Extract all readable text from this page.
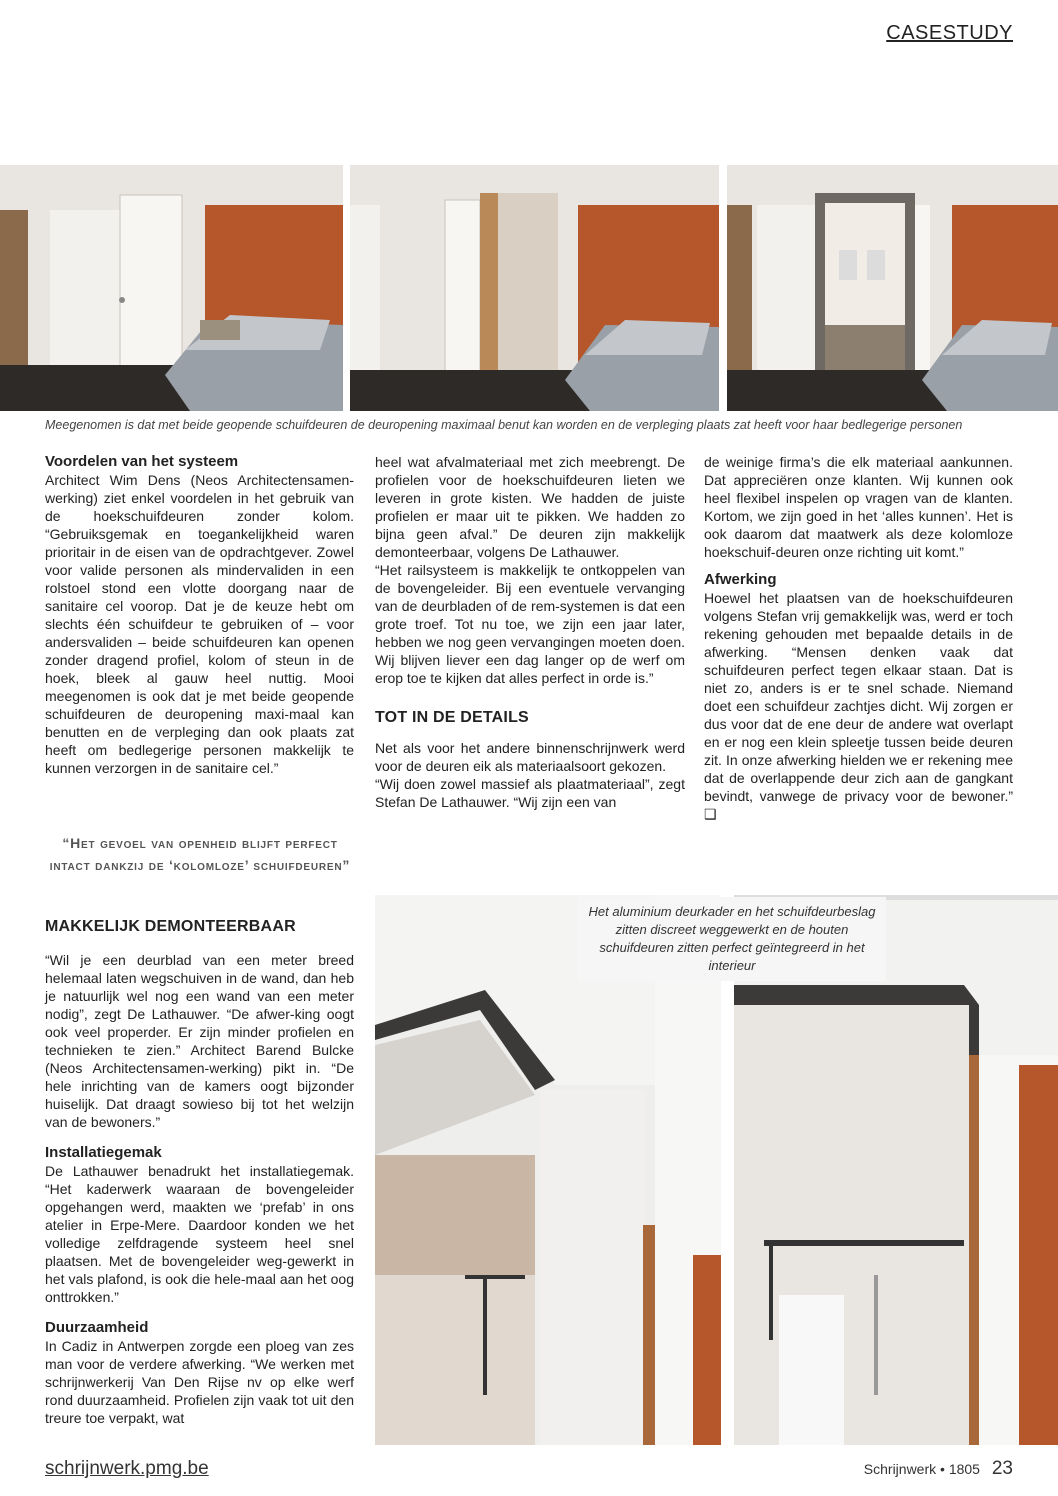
CASESTUDY
Meegenomen is dat met beide geopende schuifdeuren de deuropening maximaal benut kan worden en de verpleging plaats zat heeft voor haar bedlegerige personen

Voordelen van het systeem

Architect Wim Dens (Neos Architectensamen-werking) ziet enkel voordelen in het gebruik van de hoekschuifdeuren zonder kolom. “Gebruiksgemak en toegankelijkheid waren prioritair in de eisen van de opdrachtgever. Zowel voor valide personen als mindervaliden in een rolstoel stond een vlotte doorgang naar de sanitaire cel voorop. Dat je de keuze hebt om slechts één schuifdeur te gebruiken of – voor andersvaliden – beide schuifdeuren kan openen zonder dragend profiel, kolom of steun in de hoek, bleek al gauw heel nuttig. Mooi meegenomen is ook dat je met beide geopende schuifdeuren de deuropening maxi-maal kan benutten en de verpleging dan ook plaats zat heeft om bedlegerige personen makkelijk te kunnen verzorgen in de sanitaire cel.”

“Het gevoel van openheid blijft perfect intact dankzij de ‘kolomloze’ schuifdeuren”

MAKKELIJK DEMONTEERBAAR

“Wil je een deurblad van een meter breed helemaal laten wegschuiven in de wand, dan heb je natuurlijk wel nog een wand van een meter nodig”, zegt De Lathauwer. “De afwer-king oogt ook veel properder. Er zijn minder profielen en technieken te zien.” Architect Barend Bulcke (Neos Architectensamen-werking) pikt in. “De hele inrichting van de kamers oogt bijzonder huiselijk. Dat draagt sowieso bij tot het welzijn van de bewoners.”

Installatiegemak

De Lathauwer benadrukt het installatiegemak. “Het kaderwerk waaraan de bovengeleider opgehangen werd, maakten we ‘prefab’ in ons atelier in Erpe-Mere. Daardoor konden we het volledige zelfdragende systeem heel snel plaatsen. Met de bovengeleider weg-gewerkt in het vals plafond, is ook die hele-maal aan het oog onttrokken.”

Duurzaamheid

In Cadiz in Antwerpen zorgde een ploeg van zes man voor de verdere afwerking. “We werken met schrijnwerkerij Van Den Rijse nv op elke werf rond duurzaamheid. Profielen zijn vaak tot uit den treure toe verpakt, wat

heel wat afvalmateriaal met zich meebrengt. De profielen voor de hoekschuifdeuren lieten we leveren in grote kisten. We hadden de juiste profielen er maar uit te pikken. We hadden zo bijna geen afval.” De deuren zijn makkelijk demonteerbaar, volgens De Lathauwer.

“Het railsysteem is makkelijk te ontkoppelen van de bovengeleider. Bij een eventuele vervanging van de deurbladen of de rem-systemen is dat een grote troef. Tot nu toe, we zijn een jaar later, hebben we nog geen vervangingen moeten doen. Wij blijven liever een dag langer op de werf om erop toe te kijken dat alles perfect in orde is.”

TOT IN DE DETAILS

Net als voor het andere binnenschrijnwerk werd voor de deuren eik als materiaalsoort gekozen.

“Wij doen zowel massief als plaatmateriaal”, zegt Stefan De Lathauwer. “Wij zijn een van

de weinige firma’s die elk materiaal aankunnen. Dat appreciëren onze klanten. Wij kunnen ook heel flexibel inspelen op vragen van de klanten. Kortom, we zijn goed in het ‘alles kunnen’. Het is ook daarom dat maatwerk als deze kolomloze hoekschuif-deuren onze richting uit komt.”

Afwerking

Hoewel het plaatsen van de hoekschuifdeuren volgens Stefan vrij gemakkelijk was, werd er toch rekening gehouden met bepaalde details in de afwerking. “Mensen denken vaak dat schuifdeuren perfect tegen elkaar staan. Dat is niet zo, anders is er te snel schade. Niemand doet een schuifdeur zachtjes dicht. Wij zorgen er dus voor dat de ene deur de andere wat overlapt en er nog een klein spleetje tussen beide deuren zit. In onze afwerking hielden we er rekening mee dat de overlappende deur zich aan de gangkant bevindt, vanwege de privacy voor de bewoner.” ❑

Het aluminium deurkader en het schuifdeurbeslag zitten discreet weggewerkt en de houten schuifdeuren zitten perfect geïntegreerd in het interieur
schrijnwerk.pmg.be	Schrijnwerk • 1805 23
